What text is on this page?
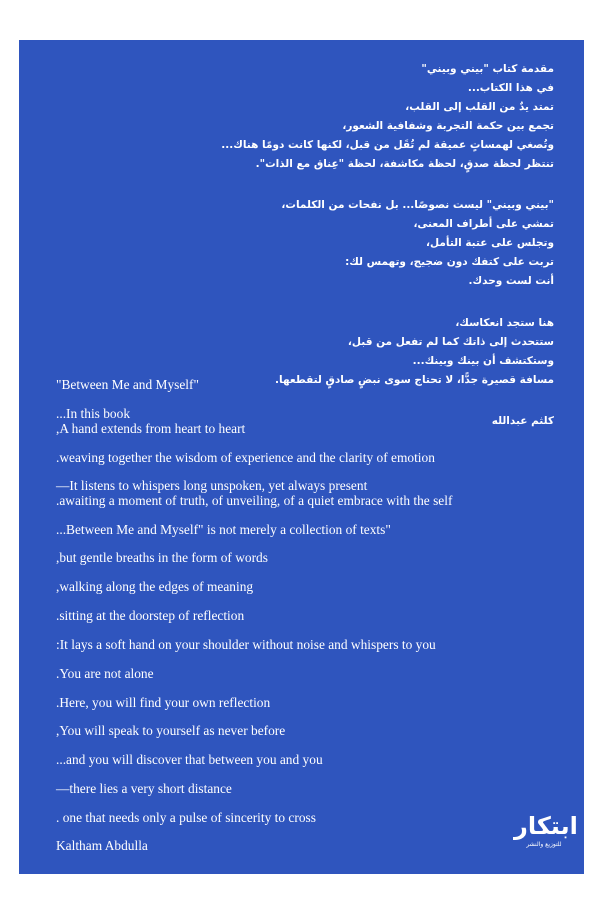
مقدمة كتاب "بيني وبيني"
في هذا الكتاب...
تمتد يدٌ من القلب إلى القلب،
تجمع بين حكمة التجربة وشفافية الشعور،
وتُصغي لهمساتٍ عميقة لم تُقَل من قبل، لكنها كانت دومًا هناك...
تنتظر لحظة صدقٍ، لحظة مكاشفة، لحظة "عِناق مع الذات".
"بيني وبيني" ليست نصوصًا... بل نفحات من الكلمات،
تمشي على أطراف المعنى،
وتجلس على عتبة التأمل،
تربت على كتفك دون ضجيج، وتهمس لك:
أنت لست وحدك.
هنا ستجد انعكاسك،
ستتحدث إلى ذاتك كما لم تفعل من قبل،
وستكتشف أن بينك وبينك...
مسافة قصيرة جدًّا، لا تحتاج سوى نبضٍ صادقٍ لتقطعها.
كلثم عبدالله
"Between Me and Myself"
...In this book
,A hand extends from heart to heart
.weaving together the wisdom of experience and the clarity of emotion
—It listens to whispers long unspoken, yet always present
.awaiting a moment of truth, of unveiling, of a quiet embrace with the self
...Between Me and Myself" is not merely a collection of texts"
,but gentle breaths in the form of words
,walking along the edges of meaning
.sitting at the doorstep of reflection
:It lays a soft hand on your shoulder without noise and whispers to you
.You are not alone
.Here, you will find your own reflection
,You will speak to yourself as never before
...and you will discover that between you and you
—there lies a very short distance
. one that needs only a pulse of sincerity to cross
Kaltham Abdulla
ابتكار
للتوزيع والنشر
